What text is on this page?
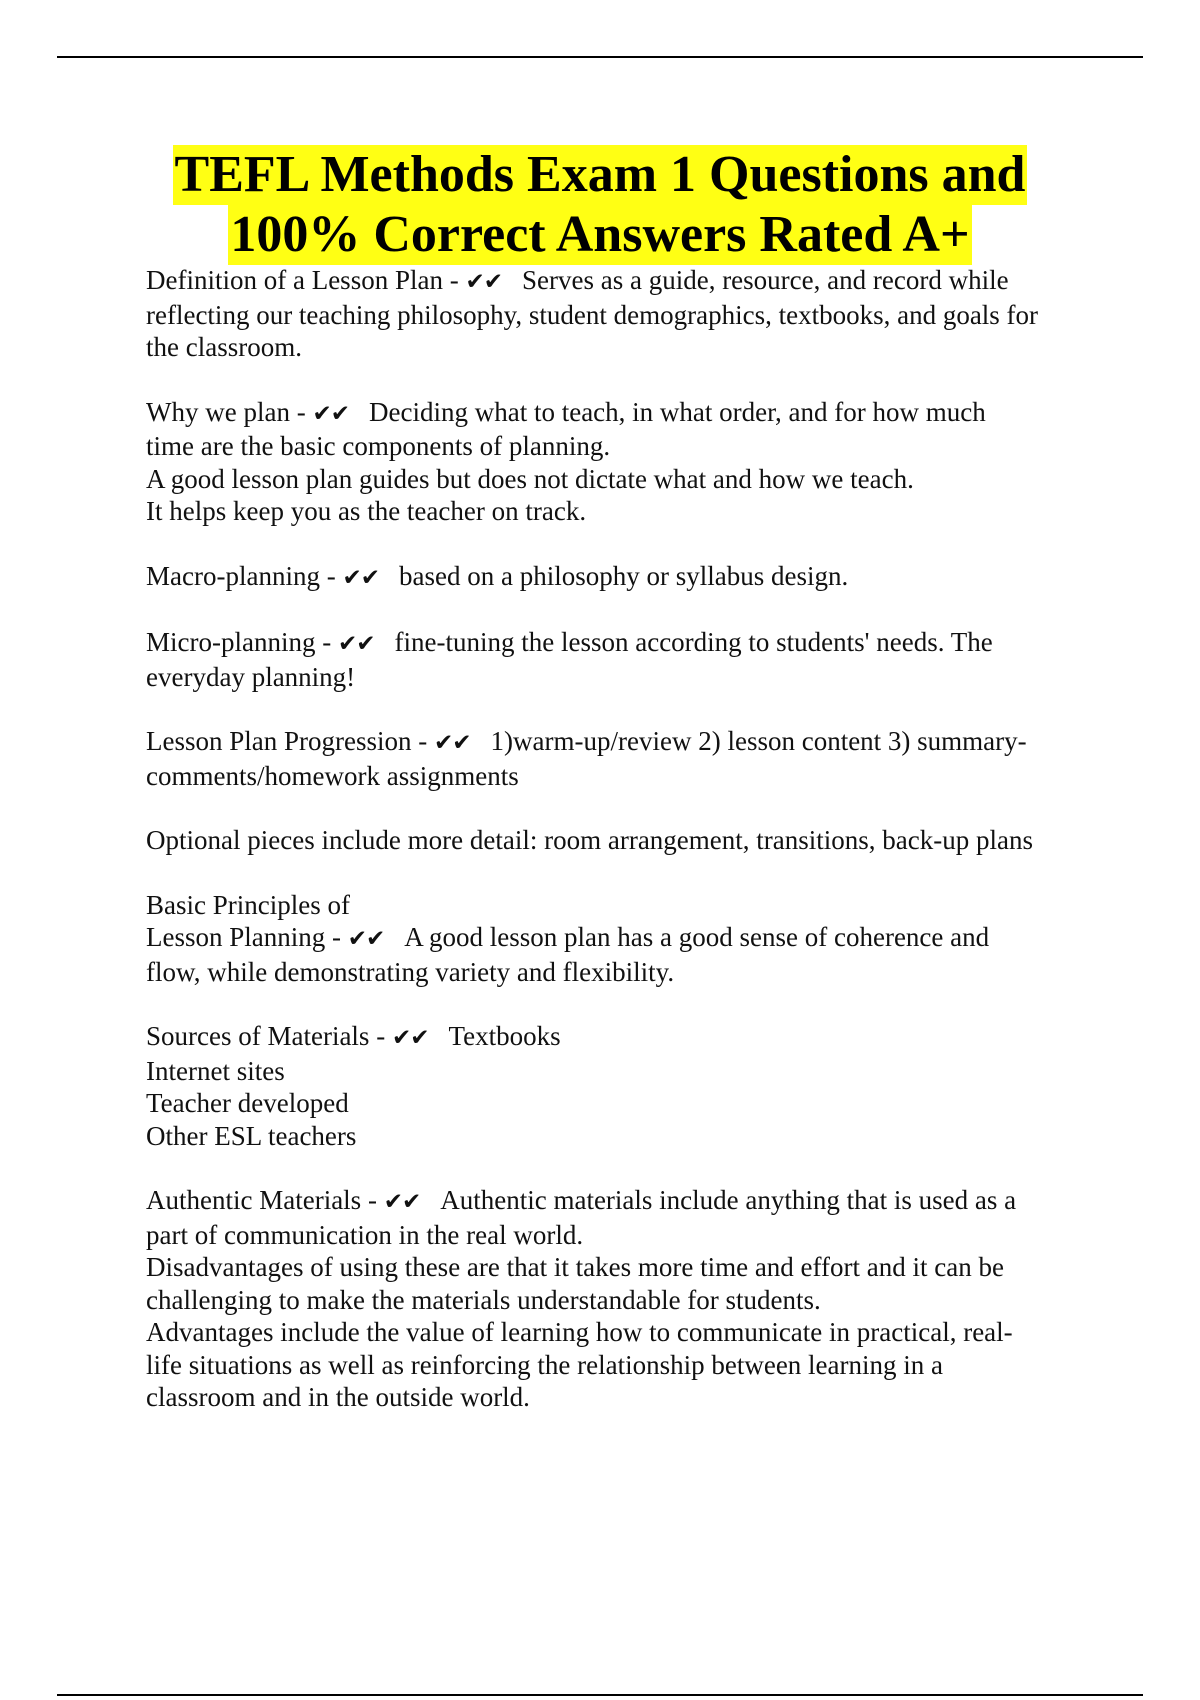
TEFL Methods Exam 1 Questions and
100% Correct Answers Rated A+
Definition of a Lesson Plan - ✔✔ Serves as a guide, resource, and record while
reflecting our teaching philosophy, student demographics, textbooks, and goals for
the classroom.
Why we plan - ✔✔ Deciding what to teach, in what order, and for how much
time are the basic components of planning.
A good lesson plan guides but does not dictate what and how we teach.
It helps keep you as the teacher on track.
Macro-planning - ✔✔ based on a philosophy or syllabus design.
Micro-planning - ✔✔ fine-tuning the lesson according to students' needs. The
everyday planning!
Lesson Plan Progression - ✔✔ 1)warm-up/review 2) lesson content 3) summary-
comments/homework assignments
Optional pieces include more detail: room arrangement, transitions, back-up plans
Basic Principles of
Lesson Planning - ✔✔ A good lesson plan has a good sense of coherence and
flow, while demonstrating variety and flexibility.
Sources of Materials - ✔✔ Textbooks
Internet sites
Teacher developed
Other ESL teachers
Authentic Materials - ✔✔ Authentic materials include anything that is used as a
part of communication in the real world.
Disadvantages of using these are that it takes more time and effort and it can be
challenging to make the materials understandable for students.
Advantages include the value of learning how to communicate in practical, real-
life situations as well as reinforcing the relationship between learning in a
classroom and in the outside world.
